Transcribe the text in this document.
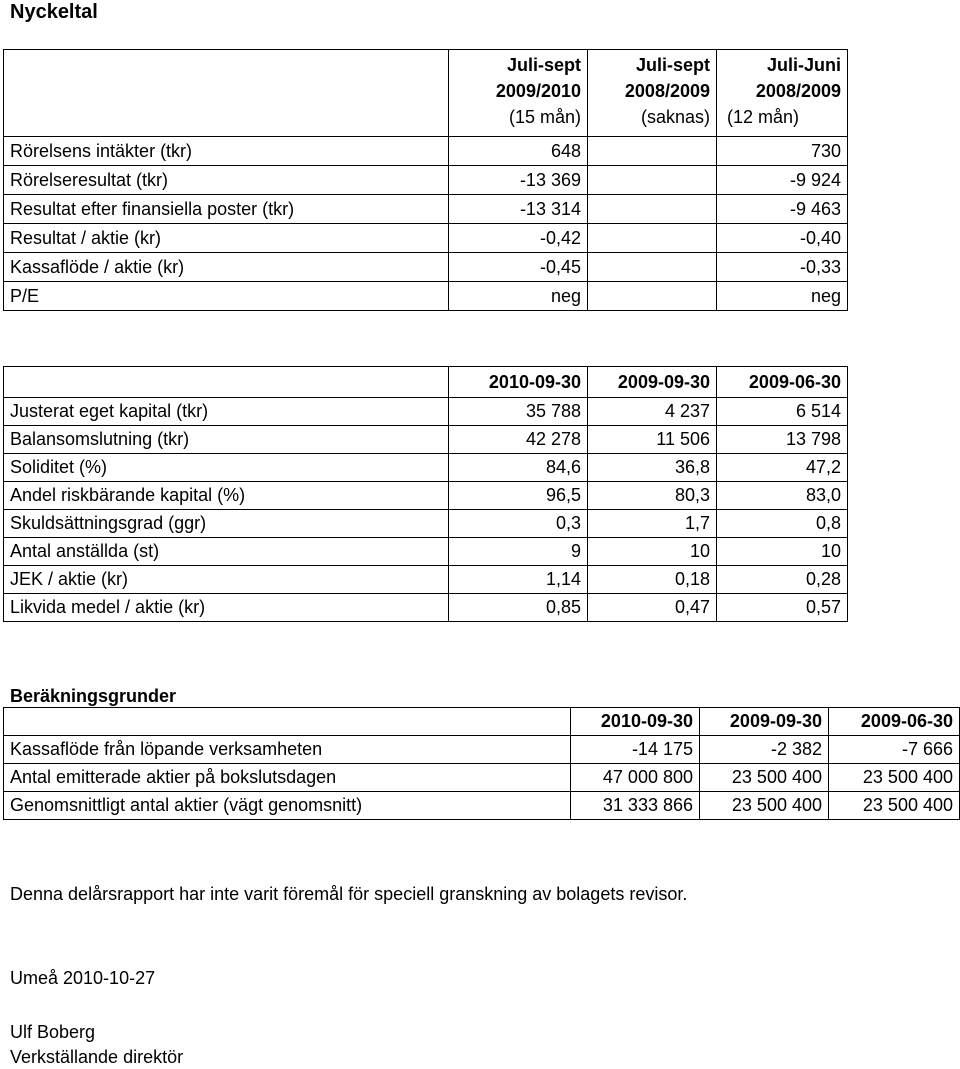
Nyckeltal

	Juli-sept
2009/2010
(15 mån)	Juli-sept
2008/2009
(saknas)	Juli-Juni
2008/2009
(12 mån)

Rörelsens intäkter (tkr)	648		730
Rörelseresultat (tkr)	-13 369		-9 924
Resultat efter finansiella poster (tkr)	-13 314		-9 463
Resultat / aktie (kr)	-0,42		-0,40
Kassaflöde / aktie (kr)	-0,45		-0,33
P/E	neg		neg
	2010-09-30	2009-09-30	2009-06-30
Justerat eget kapital (tkr)	35 788	4 237	6 514
Balansomslutning (tkr)	42 278	11 506	13 798
Soliditet (%)	84,6	36,8	47,2
Andel riskbärande kapital (%)	96,5	80,3	83,0
Skuldsättningsgrad (ggr)	0,3	1,7	0,8
Antal anställda (st)	9	10	10
JEK / aktie (kr)	1,14	0,18	0,28
Likvida medel / aktie (kr)	0,85	0,47	0,57
Beräkningsgrunder
	2010-09-30	2009-09-30	2009-06-30
Kassaflöde från löpande verksamheten	-14 175	-2 382	-7 666
Antal emitterade aktier på bokslutsdagen	47 000 800	23 500 400	23 500 400
Genomsnittligt antal aktier (vägt genomsnitt)	31 333 866	23 500 400	23 500 400
Denna delårsrapport har inte varit föremål för speciell granskning av bolagets revisor.
Umeå 2010-10-27
Ulf Boberg
Verkställande direktör
